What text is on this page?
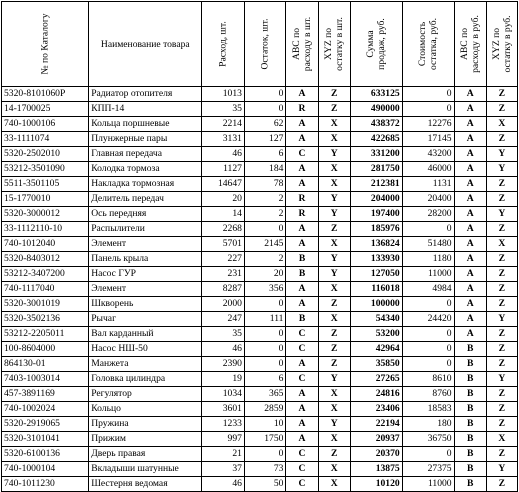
№ по Каталогу	Наименование товара	Расход, шт.	Остаток, шт.	ABC по
расходу в шт.	XYZ по
остатку в шт.	Сумма
продаж, руб.	Стоимость
остатка, руб.	ABC по
расходу в руб.	XYZ по
остатку в руб.

5320-8101060Р	Радиатор отопителя	1013	0	A	Z	633125	0	A	Z
14-1700025	КПП-14	35	0	R	Z	490000	0	A	Z
740-1000106	Кольца поршневые	2214	62	A	X	438372	12276	A	X
33-1111074	Плунжерные пары	3131	127	A	X	422685	17145	A	Z
5320-2502010	Главная передача	46	6	C	Y	331200	43200	A	Y
53212-3501090	Колодка тормоза	1127	184	A	X	281750	46000	A	Y
5511-3501105	Накладка тормозная	14647	78	A	X	212381	1131	A	Z
15-1770010	Делитель передач	20	2	R	Y	204000	20400	A	Z
5320-3000012	Ось передняя	14	2	R	Y	197400	28200	A	Y
33-1112110-10	Распылители	2268	0	A	Z	185976	0	A	Z
740-1012040	Элемент	5701	2145	A	X	136824	51480	A	X
5320-8403012	Панель крыла	227	2	B	Y	133930	1180	A	Z
53212-3407200	Насос ГУР	231	20	B	Y	127050	11000	A	Z
740-1117040	Элемент	8287	356	A	X	116018	4984	A	Z
5320-3001019	Шкворень	2000	0	A	Z	100000	0	A	Z
5320-3502136	Рычаг	247	111	B	X	54340	24420	A	Y
53212-2205011	Вал карданный	35	0	C	Z	53200	0	A	Z
100-8604000	Насос НШ-50	46	0	C	Z	42964	0	B	Z
864130-01	Манжета	2390	0	A	Z	35850	0	B	Z
7403-1003014	Головка цилиндра	19	6	C	Y	27265	8610	B	Y
457-3891169	Регулятор	1034	365	A	X	24816	8760	B	Z
740-1002024	Кольцо	3601	2859	A	X	23406	18583	B	Z
5320-2919065	Пружина	1233	10	A	Y	22194	180	B	Z
5320-3101041	Прижим	997	1750	A	X	20937	36750	B	X
5320-6100136	Дверь правая	21	0	C	Z	20370	0	B	Z
740-1000104	Вкладыши шатунные	37	73	C	X	13875	27375	B	Y
740-1011230	Шестерня ведомая	46	50	C	X	10120	11000	B	Z
